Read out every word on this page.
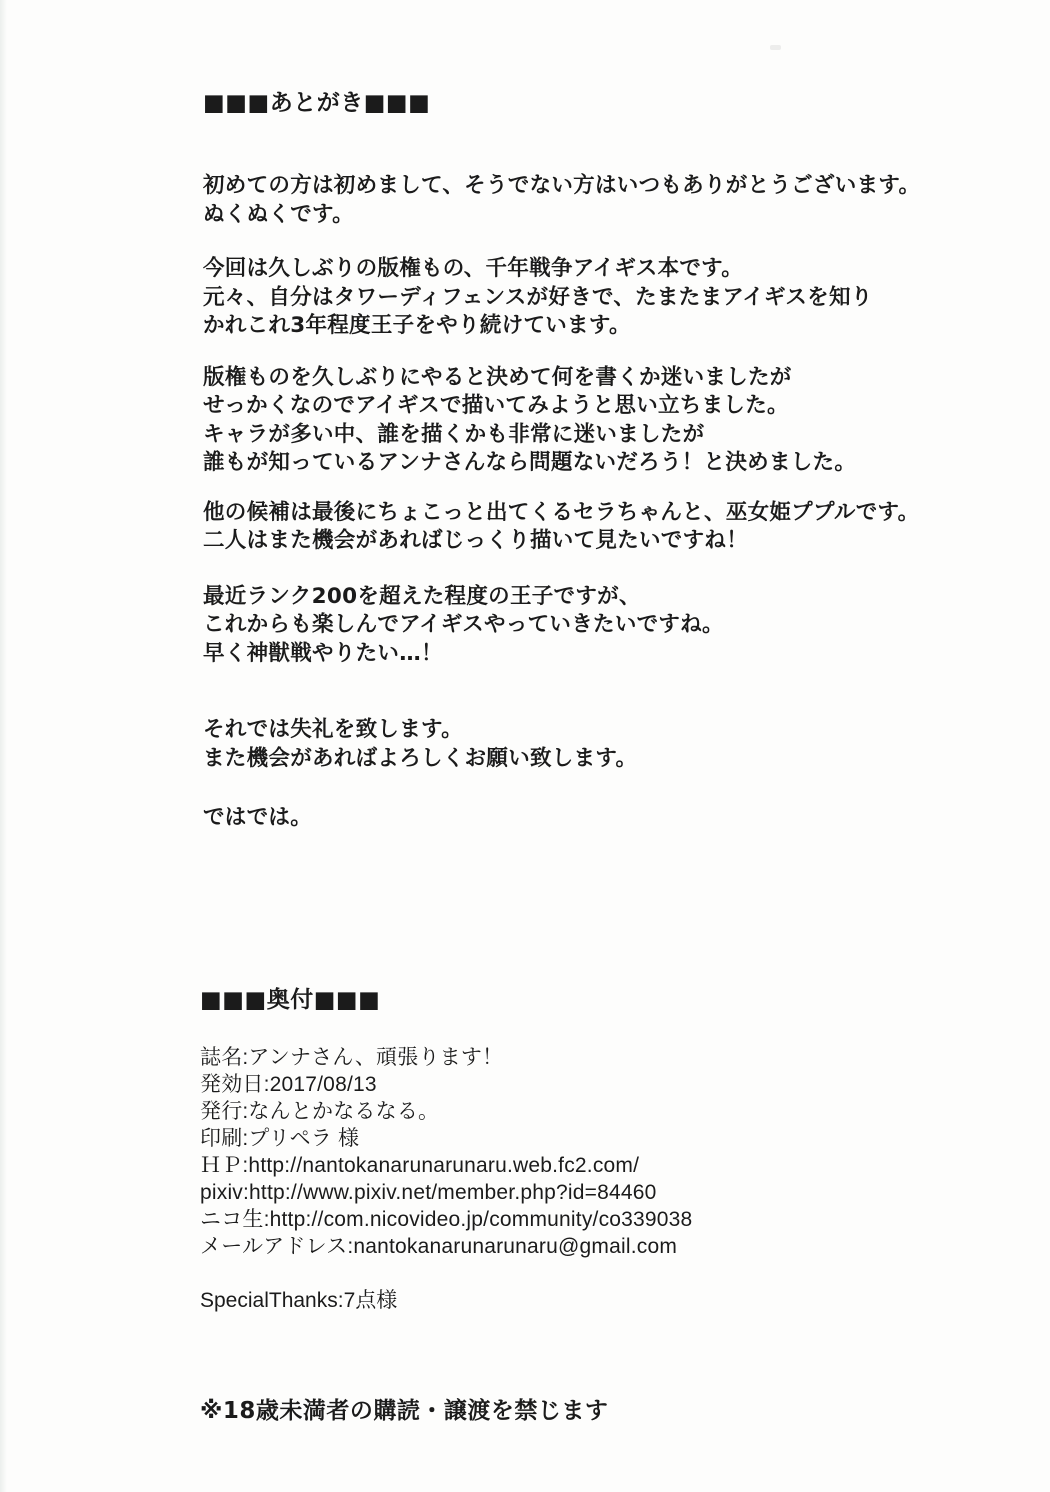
■■■あとがき■■■
初めての方は初めまして、そうでない方はいつもありがとうございます。
ぬくぬくです。
今回は久しぶりの版権もの、千年戦争アイギス本です。
元々、自分はタワーディフェンスが好きで、たまたまアイギスを知り
かれこれ3年程度王子をやり続けています。
版権ものを久しぶりにやると決めて何を書くか迷いましたが
せっかくなのでアイギスで描いてみようと思い立ちました。
キャラが多い中、誰を描くかも非常に迷いましたが
誰もが知っているアンナさんなら問題ないだろう！と決めました。
他の候補は最後にちょこっと出てくるセラちゃんと、巫女姫ププルです。
二人はまた機会があればじっくり描いて見たいですね！
最近ランク200を超えた程度の王子ですが、
これからも楽しんでアイギスやっていきたいですね。
早く神獣戦やりたい…！
それでは失礼を致します。
また機会があればよろしくお願い致します。
ではでは。
■■■奥付■■■
誌名:アンナさん、頑張ります！
発効日:2017/08/13
発行:なんとかなるなる。
印刷:プリペラ 様
ＨＰ:http://nantokanarunarunaru.web.fc2.com/
pixiv:http://www.pixiv.net/member.php?id=84460
ニコ生:http://com.nicovideo.jp/community/co339038
メールアドレス:nantokanarunarunaru@gmail.com
SpecialThanks:7点様
※18歳未満者の購読・譲渡を禁じます
